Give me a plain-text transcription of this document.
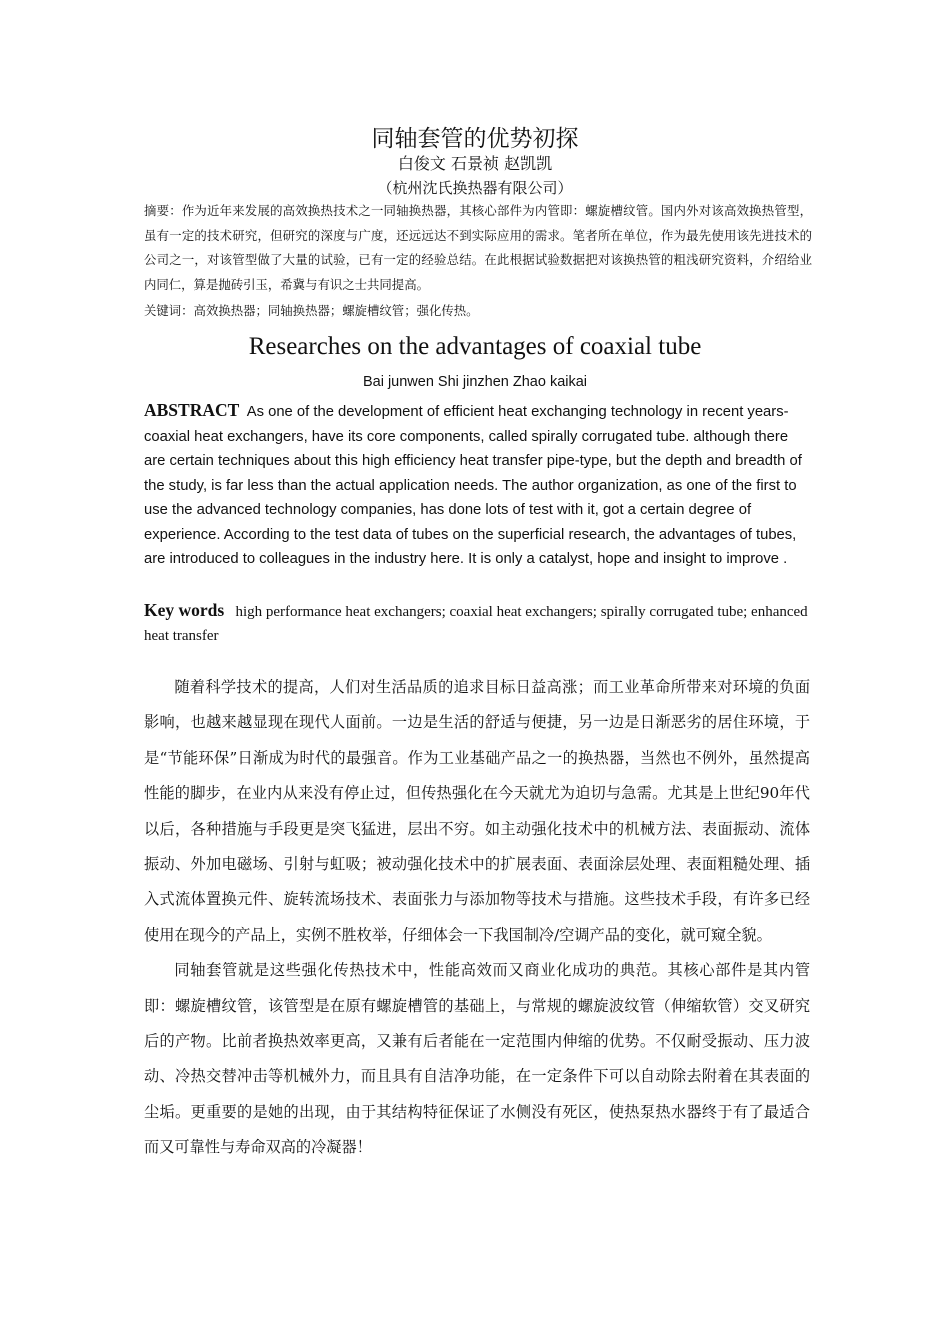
同轴套管的优势初探
白俊文 石景祯 赵凯凯
（杭州沈氏换热器有限公司）

摘要：作为近年来发展的高效换热技术之一同轴换热器，其核心部件为内管即：螺旋槽纹管。国内外对该高效换热管型，虽有一定的技术研究，但研究的深度与广度，还远远达不到实际应用的需求。笔者所在单位，作为最先使用该先进技术的公司之一，对该管型做了大量的试验，已有一定的经验总结。在此根据试验数据把对该换热管的粗浅研究资料，介绍给业内同仁，算是抛砖引玉，希冀与有识之士共同提高。

关键词：高效换热器；同轴换热器；螺旋槽纹管；强化传热。

Researches on the advantages of coaxial tube
Bai junwen Shi jinzhen Zhao kaikai

ABSTRACT As one of the development of efficient heat exchanging technology in recent years-coaxial heat exchangers, have its core components, called spirally corrugated tube. although there are certain techniques about this high efficiency heat transfer pipe-type, but the depth and breadth of the study, is far less than the actual application needs. The author organization, as one of the first to use the advanced technology companies, has done lots of test with it, got a certain degree of experience. According to the test data of tubes on the superficial research, the advantages of tubes, are introduced to colleagues in the industry here. It is only a catalyst, hope and insight to improve .

Key words high performance heat exchangers; coaxial heat exchangers; spirally corrugated tube; enhanced heat transfer

随着科学技术的提高，人们对生活品质的追求目标日益高涨；而工业革命所带来对环境的负面影响，也越来越显现在现代人面前。一边是生活的舒适与便捷，另一边是日渐恶劣的居住环境，于是“节能环保”日渐成为时代的最强音。作为工业基础产品之一的换热器，当然也不例外，虽然提高性能的脚步，在业内从来没有停止过，但传热强化在今天就尤为迫切与急需。尤其是上世纪90年代以后，各种措施与手段更是突飞猛进，层出不穷。如主动强化技术中的机械方法、表面振动、流体振动、外加电磁场、引射与虹吸；被动强化技术中的扩展表面、表面涂层处理、表面粗糙处理、插入式流体置换元件、旋转流场技术、表面张力与添加物等技术与措施。这些技术手段，有许多已经使用在现今的产品上，实例不胜枚举，仔细体会一下我国制冷/空调产品的变化，就可窥全貌。

同轴套管就是这些强化传热技术中，性能高效而又商业化成功的典范。其核心部件是其内管即：螺旋槽纹管，该管型是在原有螺旋槽管的基础上，与常规的螺旋波纹管（伸缩软管）交叉研究后的产物。比前者换热效率更高，又兼有后者能在一定范围内伸缩的优势。不仅耐受振动、压力波动、冷热交替冲击等机械外力，而且具有自洁净功能，在一定条件下可以自动除去附着在其表面的尘垢。更重要的是她的出现，由于其结构特征保证了水侧没有死区，使热泵热水器终于有了最适合而又可靠性与寿命双高的冷凝器！
